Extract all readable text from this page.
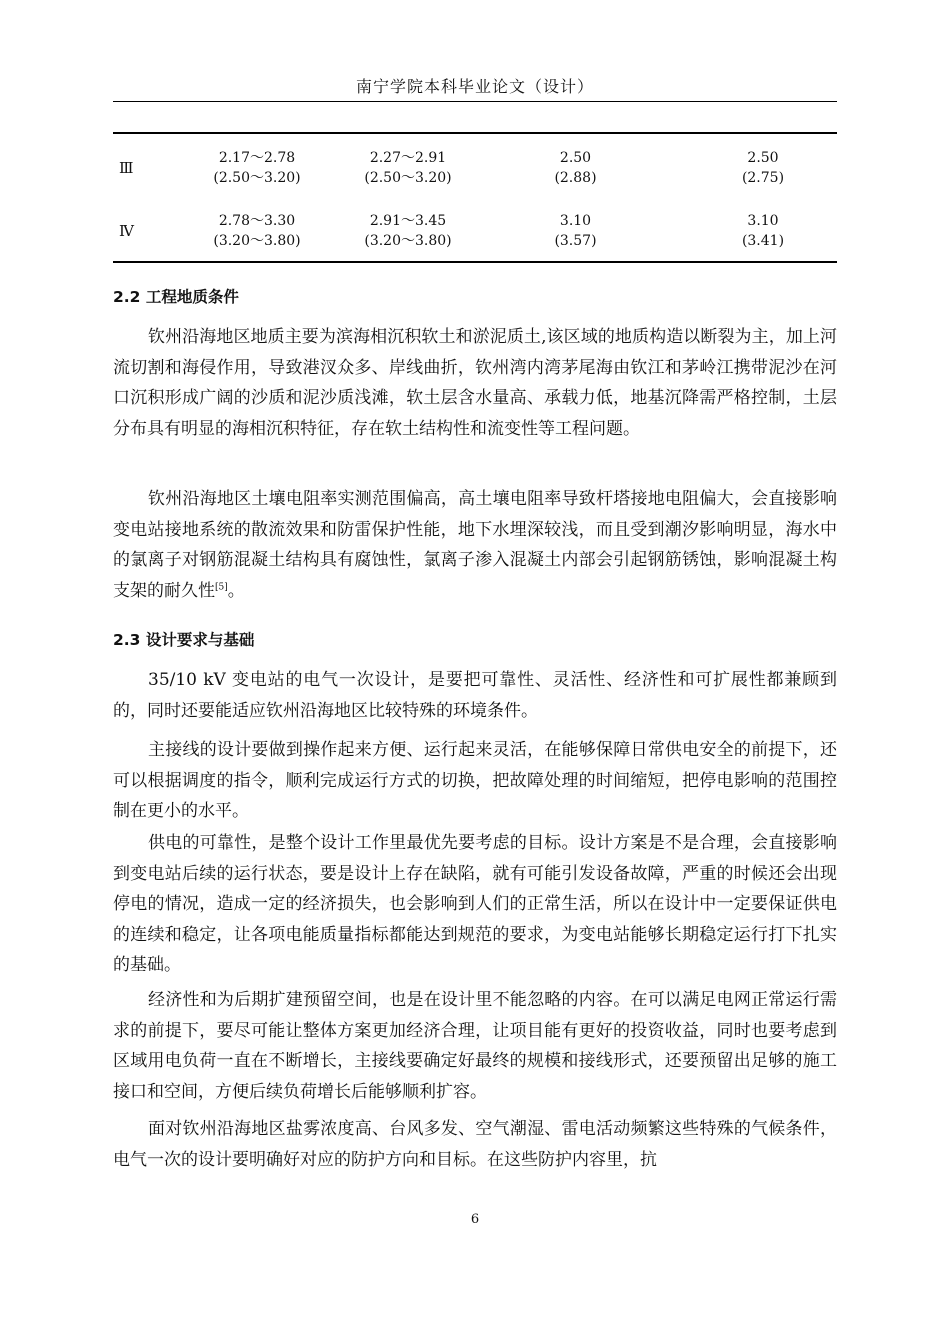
南宁学院本科毕业论文（设计）
Ⅲ
2.17～2.78
(2.50～3.20)
2.27～2.91
(2.50～3.20)
2.50
(2.88)
2.50
(2.75)
Ⅳ
2.78～3.30
(3.20～3.80)
2.91～3.45
(3.20～3.80)
3.10
(3.57)
3.10
(3.41)
2.2 工程地质条件

钦州沿海地区地质主要为滨海相沉积软土和淤泥质土,该区域的地质构造以断裂为主，加上河流切割和海侵作用，导致港汊众多、岸线曲折，钦州湾内湾茅尾海由钦江和茅岭江携带泥沙在河口沉积形成广阔的沙质和泥沙质浅滩，软土层含水量高、承载力低，地基沉降需严格控制，土层分布具有明显的海相沉积特征，存在软土结构性和流变性等工程问题。

钦州沿海地区土壤电阻率实测范围偏高，高土壤电阻率导致杆塔接地电阻偏大，会直接影响变电站接地系统的散流效果和防雷保护性能，地下水埋深较浅，而且受到潮汐影响明显，海水中的氯离子对钢筋混凝土结构具有腐蚀性，氯离子渗入混凝土内部会引起钢筋锈蚀，影响混凝土构支架的耐久性[5]。

2.3 设计要求与基础

35/10 kV 变电站的电气一次设计，是要把可靠性、灵活性、经济性和可扩展性都兼顾到的，同时还要能适应钦州沿海地区比较特殊的环境条件。

主接线的设计要做到操作起来方便、运行起来灵活，在能够保障日常供电安全的前提下，还可以根据调度的指令，顺利完成运行方式的切换，把故障处理的时间缩短，把停电影响的范围控制在更小的水平。

供电的可靠性，是整个设计工作里最优先要考虑的目标。设计方案是不是合理，会直接影响到变电站后续的运行状态，要是设计上存在缺陷，就有可能引发设备故障，严重的时候还会出现停电的情况，造成一定的经济损失，也会影响到人们的正常生活，所以在设计中一定要保证供电的连续和稳定，让各项电能质量指标都能达到规范的要求，为变电站能够长期稳定运行打下扎实的基础。

经济性和为后期扩建预留空间，也是在设计里不能忽略的内容。在可以满足电网正常运行需求的前提下，要尽可能让整体方案更加经济合理，让项目能有更好的投资收益，同时也要考虑到区域用电负荷一直在不断增长，主接线要确定好最终的规模和接线形式，还要预留出足够的施工接口和空间，方便后续负荷增长后能够顺利扩容。

面对钦州沿海地区盐雾浓度高、台风多发、空气潮湿、雷电活动频繁这些特殊的气候条件，电气一次的设计要明确好对应的防护方向和目标。在这些防护内容里，抗

6
